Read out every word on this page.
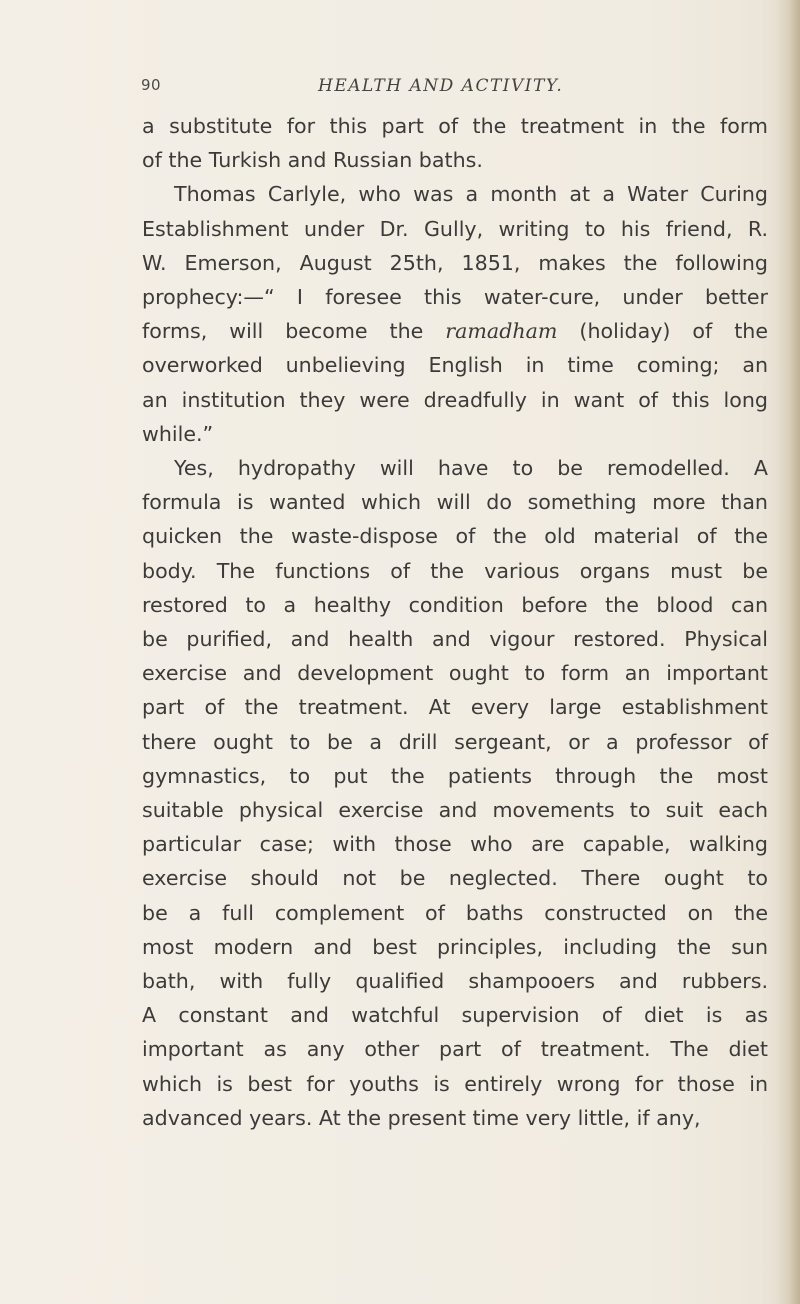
90	HEALTH AND ACTIVITY.
a substitute for this part of the treatment in the form
of the Turkish and Russian baths.
Thomas Carlyle, who was a month at a Water Curing
Establishment under Dr. Gully, writing to his friend, R.
W. Emerson, August 25th, 1851, makes the following
prophecy:—“ I foresee this water-cure, under better
forms, will become the ramadham (holiday) of the
overworked unbelieving English in time coming; an
an institution they were dreadfully in want of this long
while.”
Yes, hydropathy will have to be remodelled. A
formula is wanted which will do something more than
quicken the waste-dispose of the old material of the
body. The functions of the various organs must be
restored to a healthy condition before the blood can
be purified, and health and vigour restored. Physical
exercise and development ought to form an important
part of the treatment. At every large establishment
there ought to be a drill sergeant, or a professor of
gymnastics, to put the patients through the most
suitable physical exercise and movements to suit each
particular case; with those who are capable, walking
exercise should not be neglected. There ought to
be a full complement of baths constructed on the
most modern and best principles, including the sun
bath, with fully qualified shampooers and rubbers.
A constant and watchful supervision of diet is as
important as any other part of treatment. The diet
which is best for youths is entirely wrong for those in
advanced years. At the present time very little, if any,
